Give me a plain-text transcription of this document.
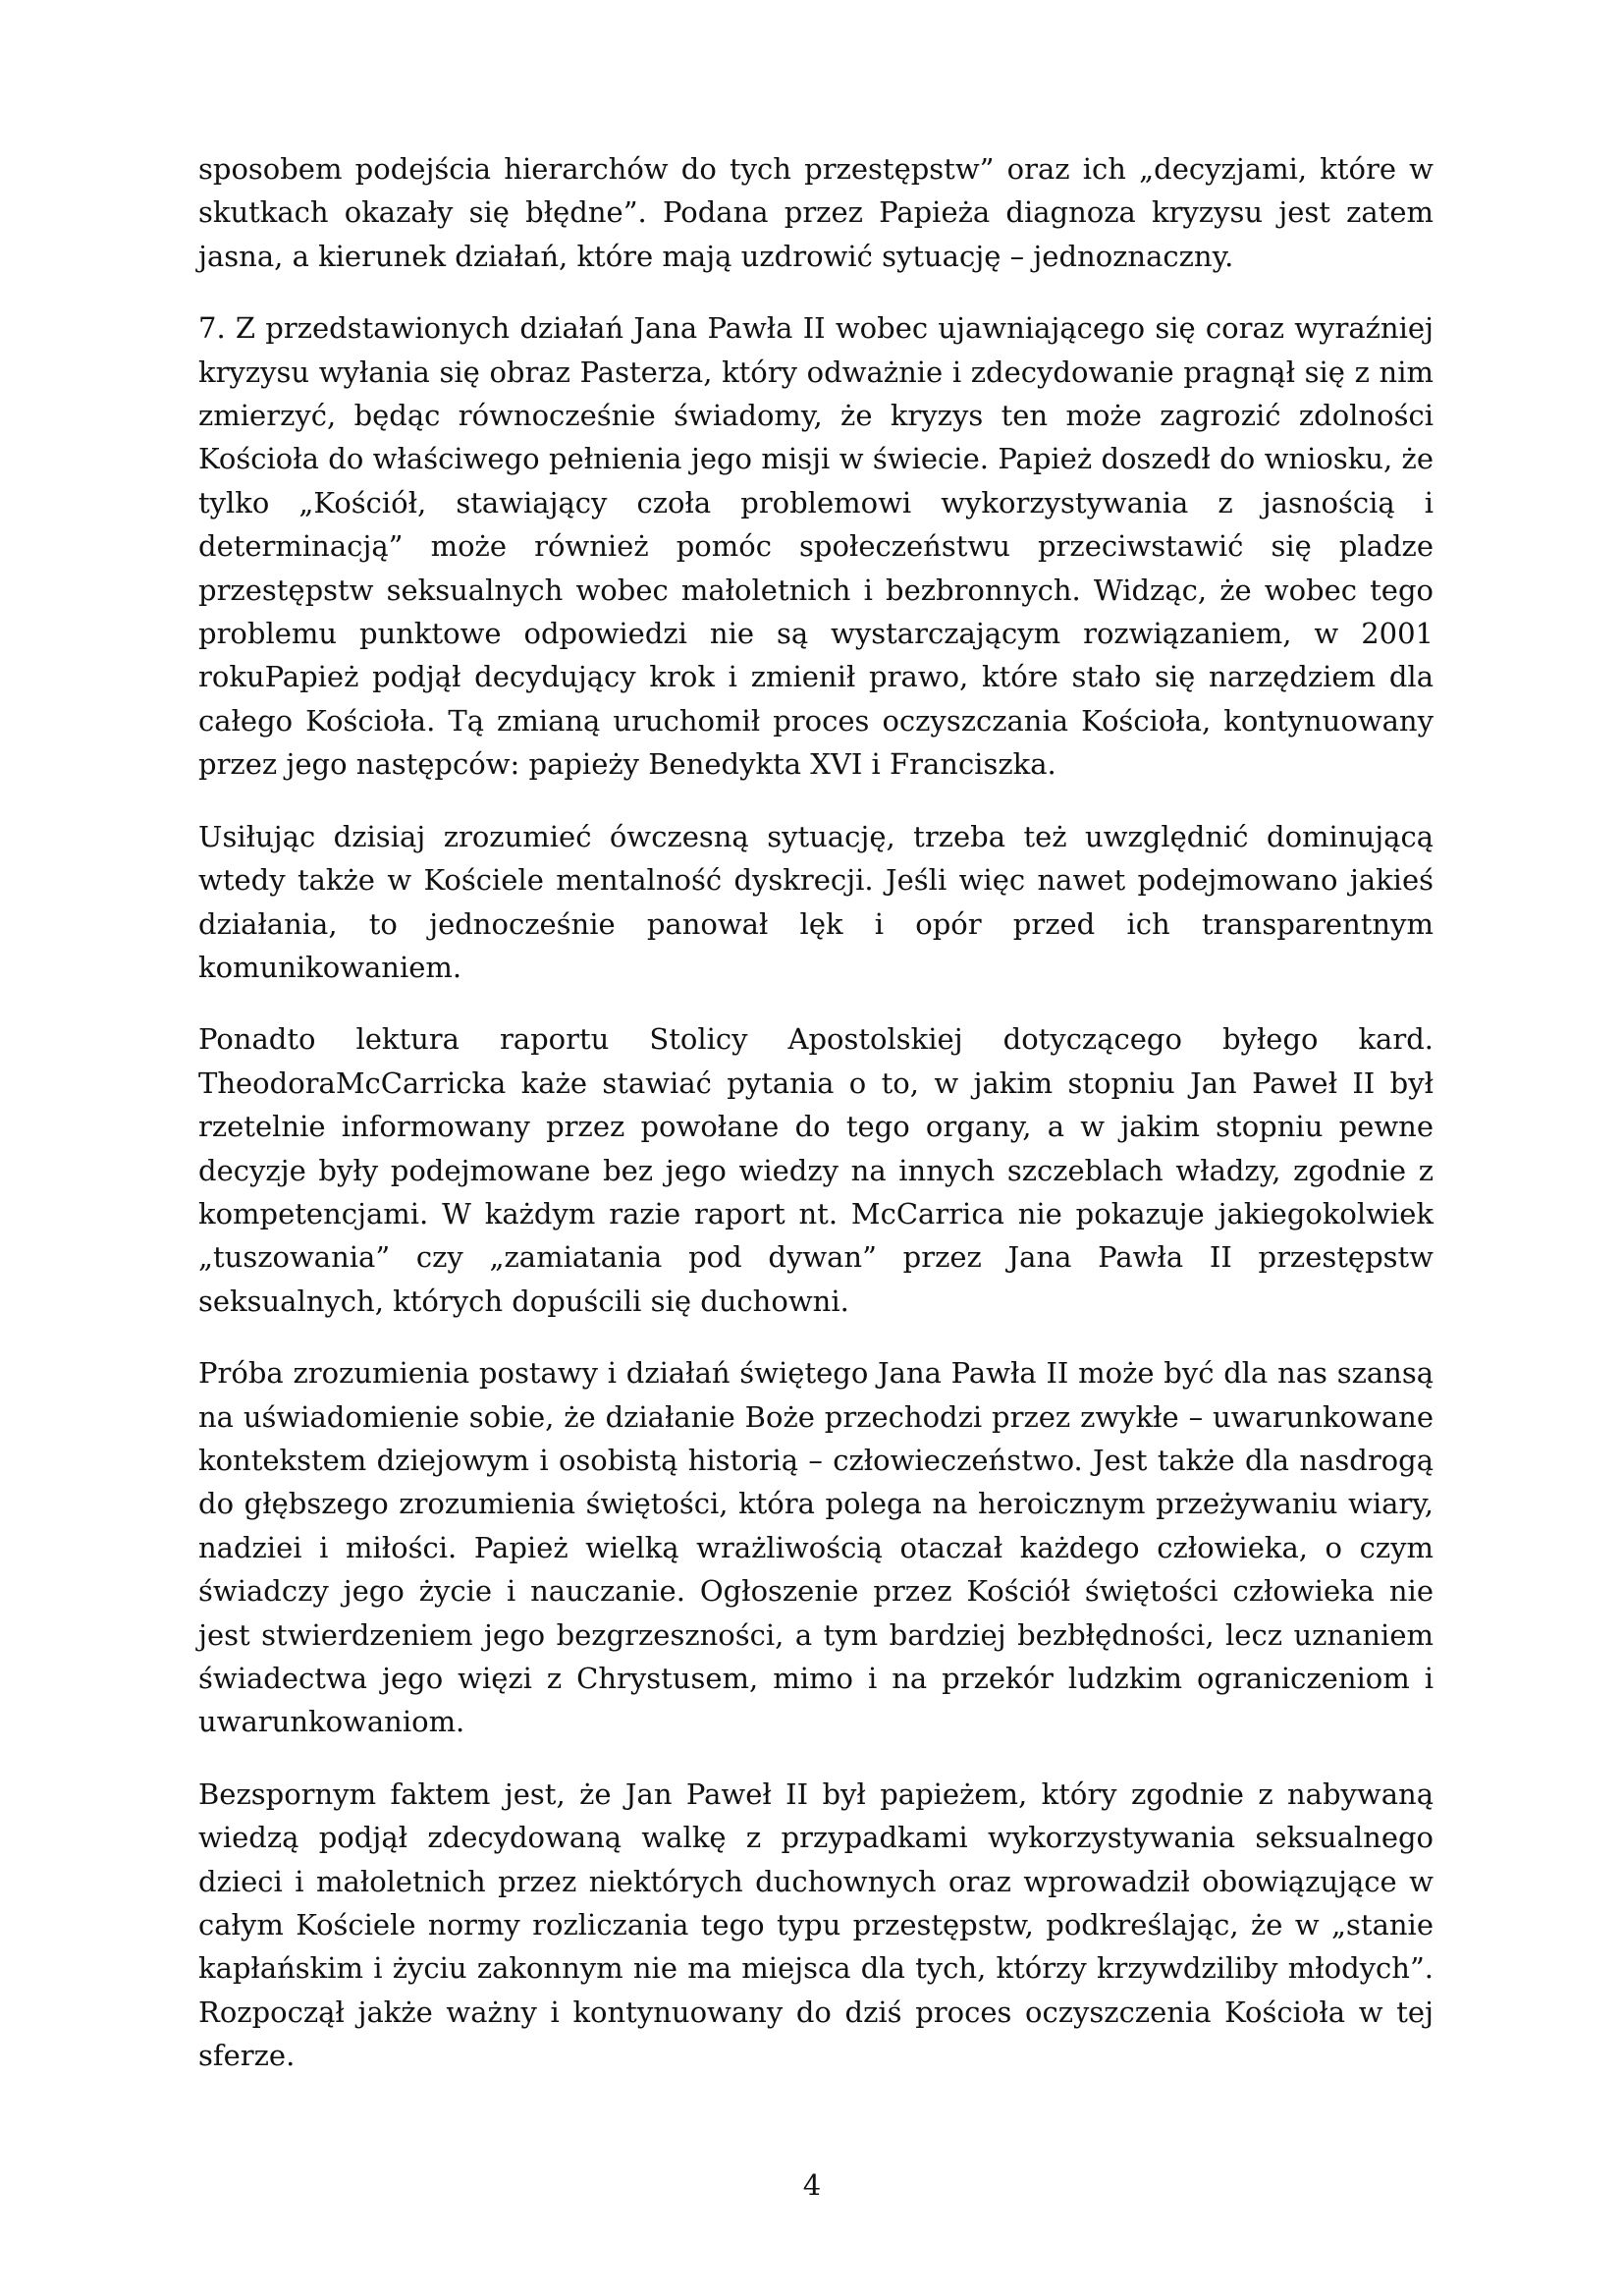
sposobem podejścia hierarchów do tych przestępstw” oraz ich „decyzjami, które w skutkach okazały się błędne”. Podana przez Papieża diagnoza kryzysu jest zatem jasna, a kierunek działań, które mają uzdrowić sytuację – jednoznaczny.

7. Z przedstawionych działań Jana Pawła II wobec ujawniającego się coraz wyraźniej kryzysu wyłania się obraz Pasterza, który odważnie i zdecydowanie pragnął się z nim zmierzyć, będąc równocześnie świadomy, że kryzys ten może zagrozić zdolności Kościoła do właściwego pełnienia jego misji w świecie. Papież doszedł do wniosku, że tylko „Kościół, stawiający czoła problemowi wykorzystywania z jasnością i determinacją” może również pomóc społeczeństwu przeciwstawić się pladze przestępstw seksualnych wobec małoletnich i bezbronnych. Widząc, że wobec tego problemu punktowe odpowiedzi nie są wystarczającym rozwiązaniem, w 2001 rokuPapież podjął decydujący krok i zmienił prawo, które stało się narzędziem dla całego Kościoła. Tą zmianą uruchomił proces oczyszczania Kościoła, kontynuowany przez jego następców: papieży Benedykta XVI i Franciszka.

Usiłując dzisiaj zrozumieć ówczesną sytuację, trzeba też uwzględnić dominującą wtedy także w Kościele mentalność dyskrecji. Jeśli więc nawet podejmowano jakieś działania, to jednocześnie panował lęk i opór przed ich transparentnym komunikowaniem.

Ponadto lektura raportu Stolicy Apostolskiej dotyczącego byłego kard. TheodoraMcCarricka każe stawiać pytania o to, w jakim stopniu Jan Paweł II był rzetelnie informowany przez powołane do tego organy, a w jakim stopniu pewne decyzje były podejmowane bez jego wiedzy na innych szczeblach władzy, zgodnie z kompetencjami. W każdym razie raport nt. McCarrica nie pokazuje jakiegokolwiek „tuszowania” czy „zamiatania pod dywan” przez Jana Pawła II przestępstw seksualnych, których dopuścili się duchowni.

Próba zrozumienia postawy i działań świętego Jana Pawła II może być dla nas szansą na uświadomienie sobie, że działanie Boże przechodzi przez zwykłe – uwarunkowane kontekstem dziejowym i osobistą historią – człowieczeństwo. Jest także dla nasdrogą do głębszego zrozumienia świętości, która polega na heroicznym przeżywaniu wiary, nadziei i miłości. Papież wielką wrażliwością otaczał każdego człowieka, o czym świadczy jego życie i nauczanie. Ogłoszenie przez Kościół świętości człowieka nie jest stwierdzeniem jego bezgrzeszności, a tym bardziej bezbłędności, lecz uznaniem świadectwa jego więzi z Chrystusem, mimo i na przekór ludzkim ograniczeniom i uwarunkowaniom.

Bezspornym faktem jest, że Jan Paweł II był papieżem, który zgodnie z nabywaną wiedzą podjął zdecydowaną walkę z przypadkami wykorzystywania seksualnego dzieci i małoletnich przez niektórych duchownych oraz wprowadził obowiązujące w całym Kościele normy rozliczania tego typu przestępstw, podkreślając, że w „stanie kapłańskim i życiu zakonnym nie ma miejsca dla tych, którzy krzywdziliby młodych”. Rozpoczął jakże ważny i kontynuowany do dziś proces oczyszczenia Kościoła w tej sferze.

4
